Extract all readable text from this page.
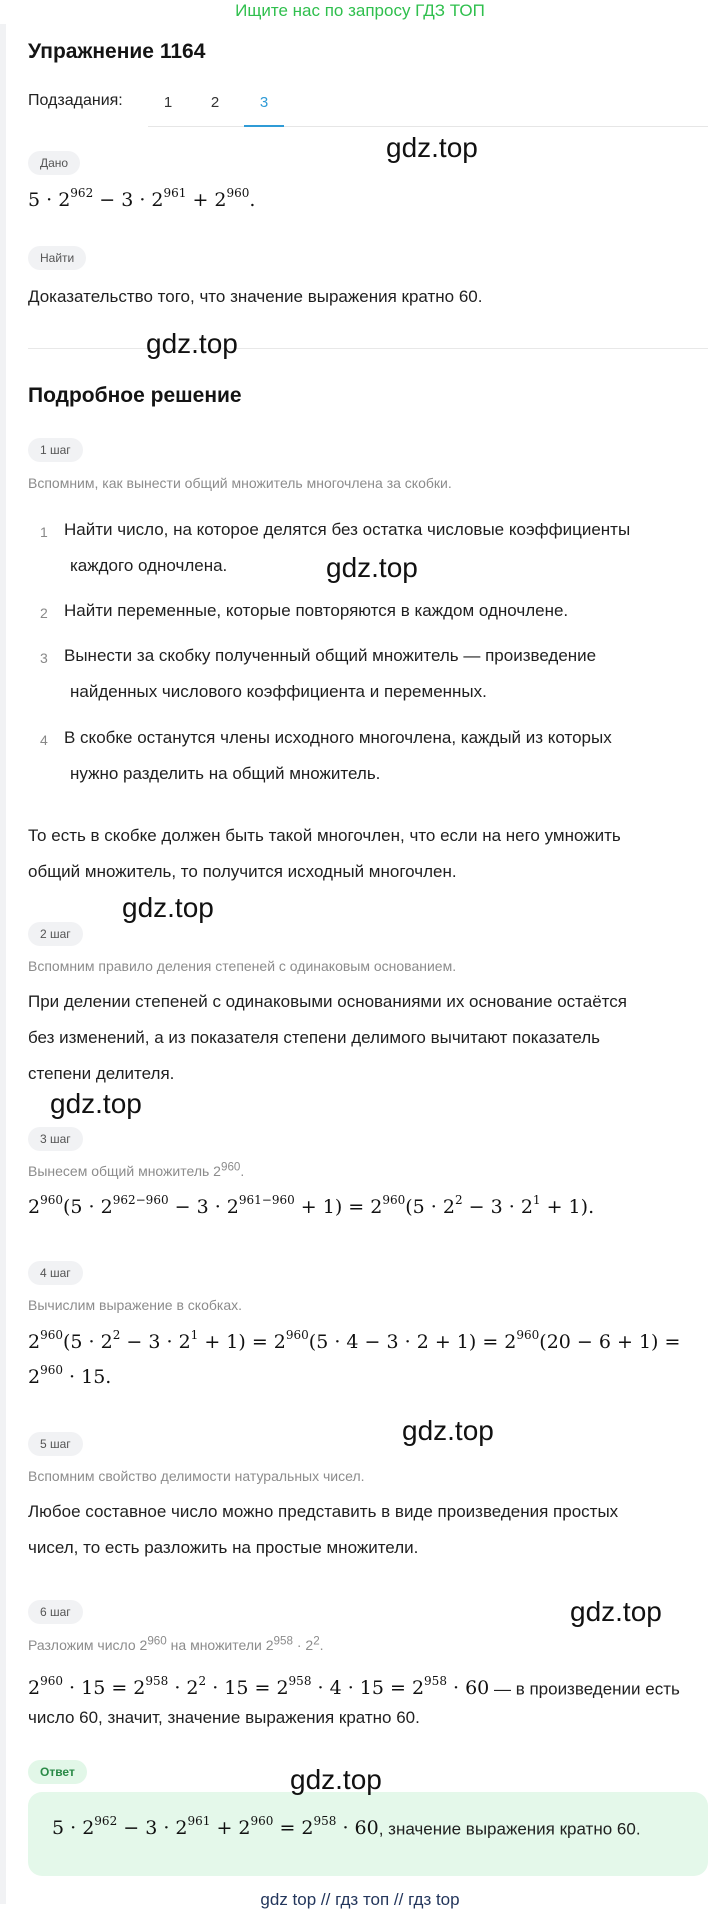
Ищите нас по запросу ГДЗ ТОП
Упражнение 1164
Подзадания:	1	2	3
Дано
$5 \cdot 2^{962} - 3 \cdot 2^{961} + 2^{960}$.
Найти
Доказательство того, что значение выражения кратно 60.
Подробное решение
1 шаг
Вспомним, как вынести общий множитель многочлена за скобки.
1 Найти число, на которое делятся без остатка числовые коэффициенты
каждого одночлена.
2 Найти переменные, которые повторяются в каждом одночлене.
3 Вынести за скобку полученный общий множитель — произведение
найденных числового коэффициента и переменных.
4 В скобке останутся члены исходного многочлена, каждый из которых
нужно разделить на общий множитель.
То есть в скобке должен быть такой многочлен, что если на него умножить
общий множитель, то получится исходный многочлен.
2 шаг
Вспомним правило деления степеней с одинаковым основанием.
При делении степеней с одинаковыми основаниями их основание остаётся
без изменений, а из показателя степени делимого вычитают показатель
степени делителя.
3 шаг
Вынесем общий множитель $2^{960}$.
$2^{960}(5 \cdot 2^{962-960} - 3 \cdot 2^{961-960} + 1) = 2^{960}(5 \cdot 2^2 - 3 \cdot 2^1 + 1)$.
4 шаг
Вычислим выражение в скобках.
$2^{960}(5 \cdot 2^2 - 3 \cdot 2^1 + 1) = 2^{960}(5 \cdot 4 - 3 \cdot 2 + 1) = 2^{960}(20 - 6 + 1)$ =
$2^{960} \cdot 15$.
5 шаг
Вспомним свойство делимости натуральных чисел.
Любое составное число можно представить в виде произведения простых
чисел, то есть разложить на простые множители.
6 шаг
Разложим число $2^{960}$ на множители $2^{958} \cdot 2^2$.
$2^{960} \cdot 15 = 2^{958} \cdot 2^2 \cdot 15 = 2^{958} \cdot 4 \cdot 15 = 2^{958} \cdot 60$ — в произведении есть
число 60, значит, значение выражения кратно 60.
Ответ
$5 \cdot 2^{962} - 3 \cdot 2^{961} + 2^{960} = 2^{958} \cdot 60$, значение выражения кратно 60.
gdz.top
gdz.top
gdz.top
gdz.top
gdz.top
gdz.top
gdz.top
gdz.top
gdz top // гдз топ // гдз top
